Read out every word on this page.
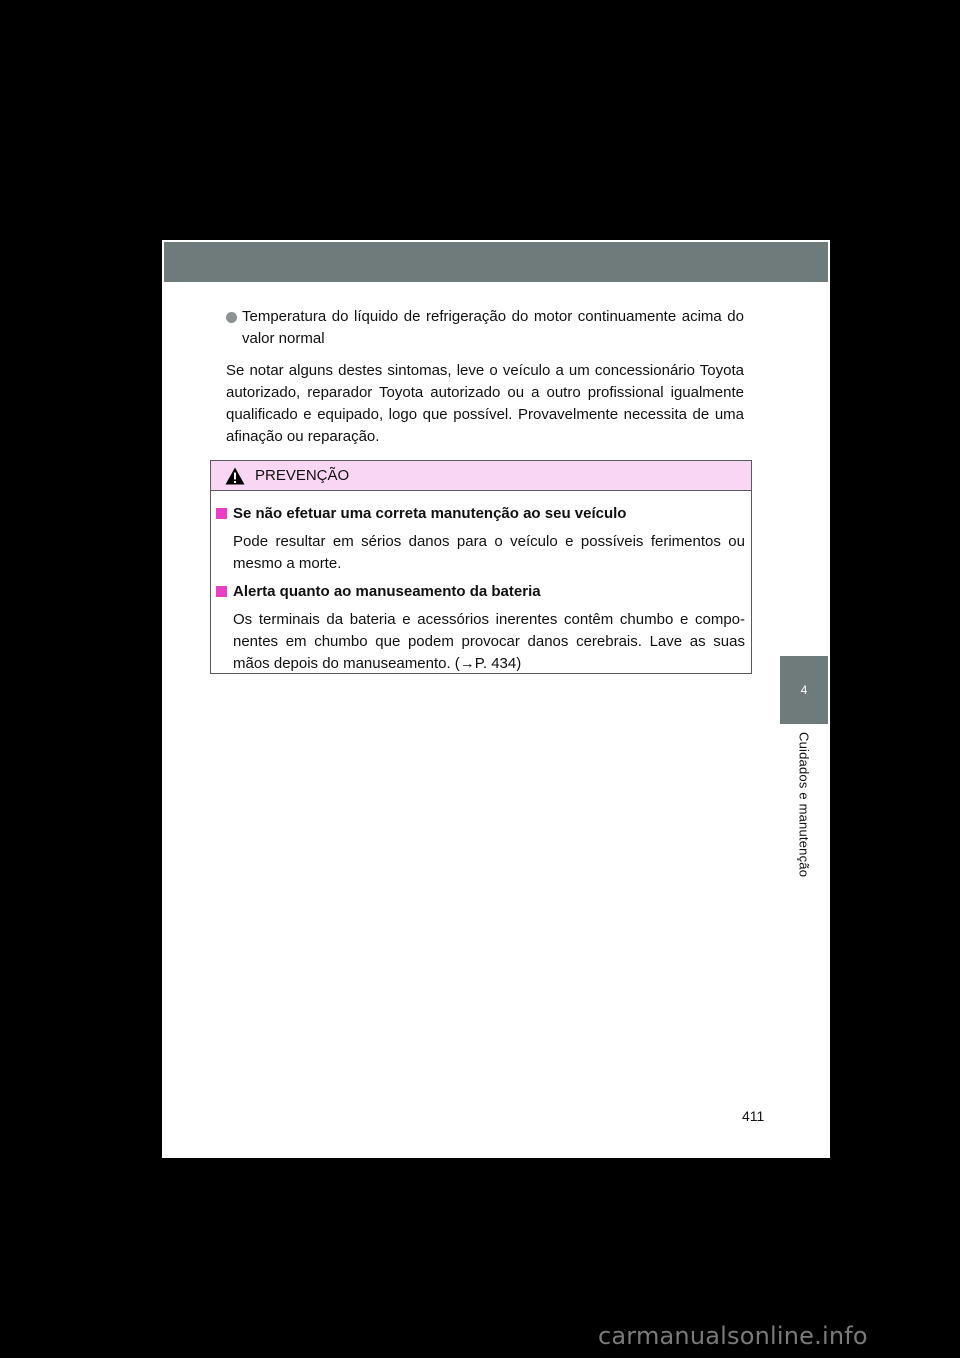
4
Cuidados e manutenção
Temperatura do líquido de refrigeração do motor continuamente acima do valor normal
Se notar alguns destes sintomas, leve o veículo a um concessionário Toyota autorizado, reparador Toyota autorizado ou a outro profissional igualmente qualificado e equipado, logo que possível. Provavelmente necessita de uma afinação ou reparação.
PREVENÇÃO
Se não efetuar uma correta manutenção ao seu veículo
Pode resultar em sérios danos para o veículo e possíveis ferimentos ou mesmo a morte.
Alerta quanto ao manuseamento da bateria
Os terminais da bateria e acessórios inerentes contêm chumbo e compo-nentes em chumbo que podem provocar danos cerebrais. Lave as suas mãos depois do manuseamento. (→P. 434)
411
carmanualsonline.info
